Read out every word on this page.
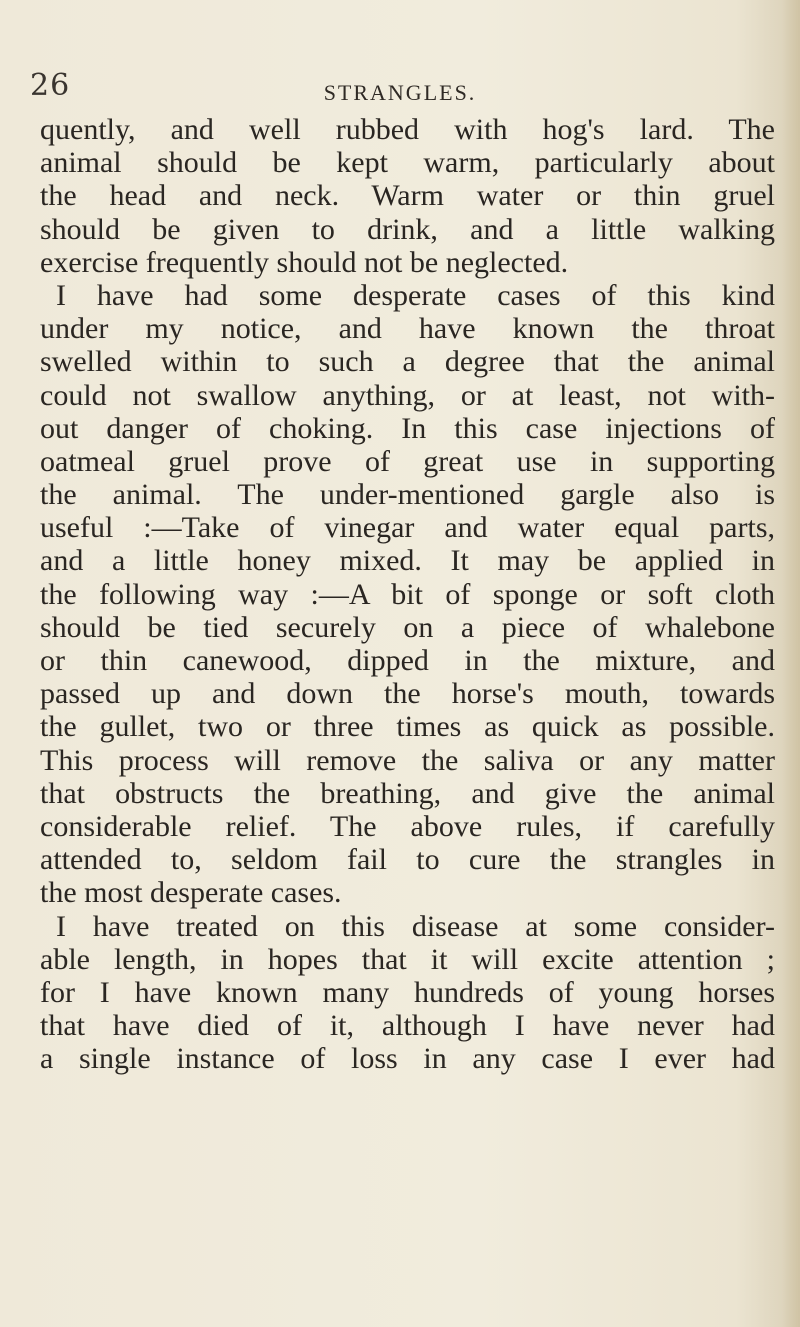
26	STRANGLES.
quently, and well rubbed with hog's lard. The
animal should be kept warm, particularly about
the head and neck. Warm water or thin gruel
should be given to drink, and a little walking
exercise frequently should not be neglected.
I have had some desperate cases of this kind
under my notice, and have known the throat
swelled within to such a degree that the animal
could not swallow anything, or at least, not with-
out danger of choking. In this case injections of
oatmeal gruel prove of great use in supporting
the animal. The under-mentioned gargle also is
useful :—Take of vinegar and water equal parts,
and a little honey mixed. It may be applied in
the following way :—A bit of sponge or soft cloth
should be tied securely on a piece of whalebone
or thin canewood, dipped in the mixture, and
passed up and down the horse's mouth, towards
the gullet, two or three times as quick as possible.
This process will remove the saliva or any matter
that obstructs the breathing, and give the animal
considerable relief. The above rules, if carefully
attended to, seldom fail to cure the strangles in
the most desperate cases.
I have treated on this disease at some consider-
able length, in hopes that it will excite attention ;
for I have known many hundreds of young horses
that have died of it, although I have never had
a single instance of loss in any case I ever had
